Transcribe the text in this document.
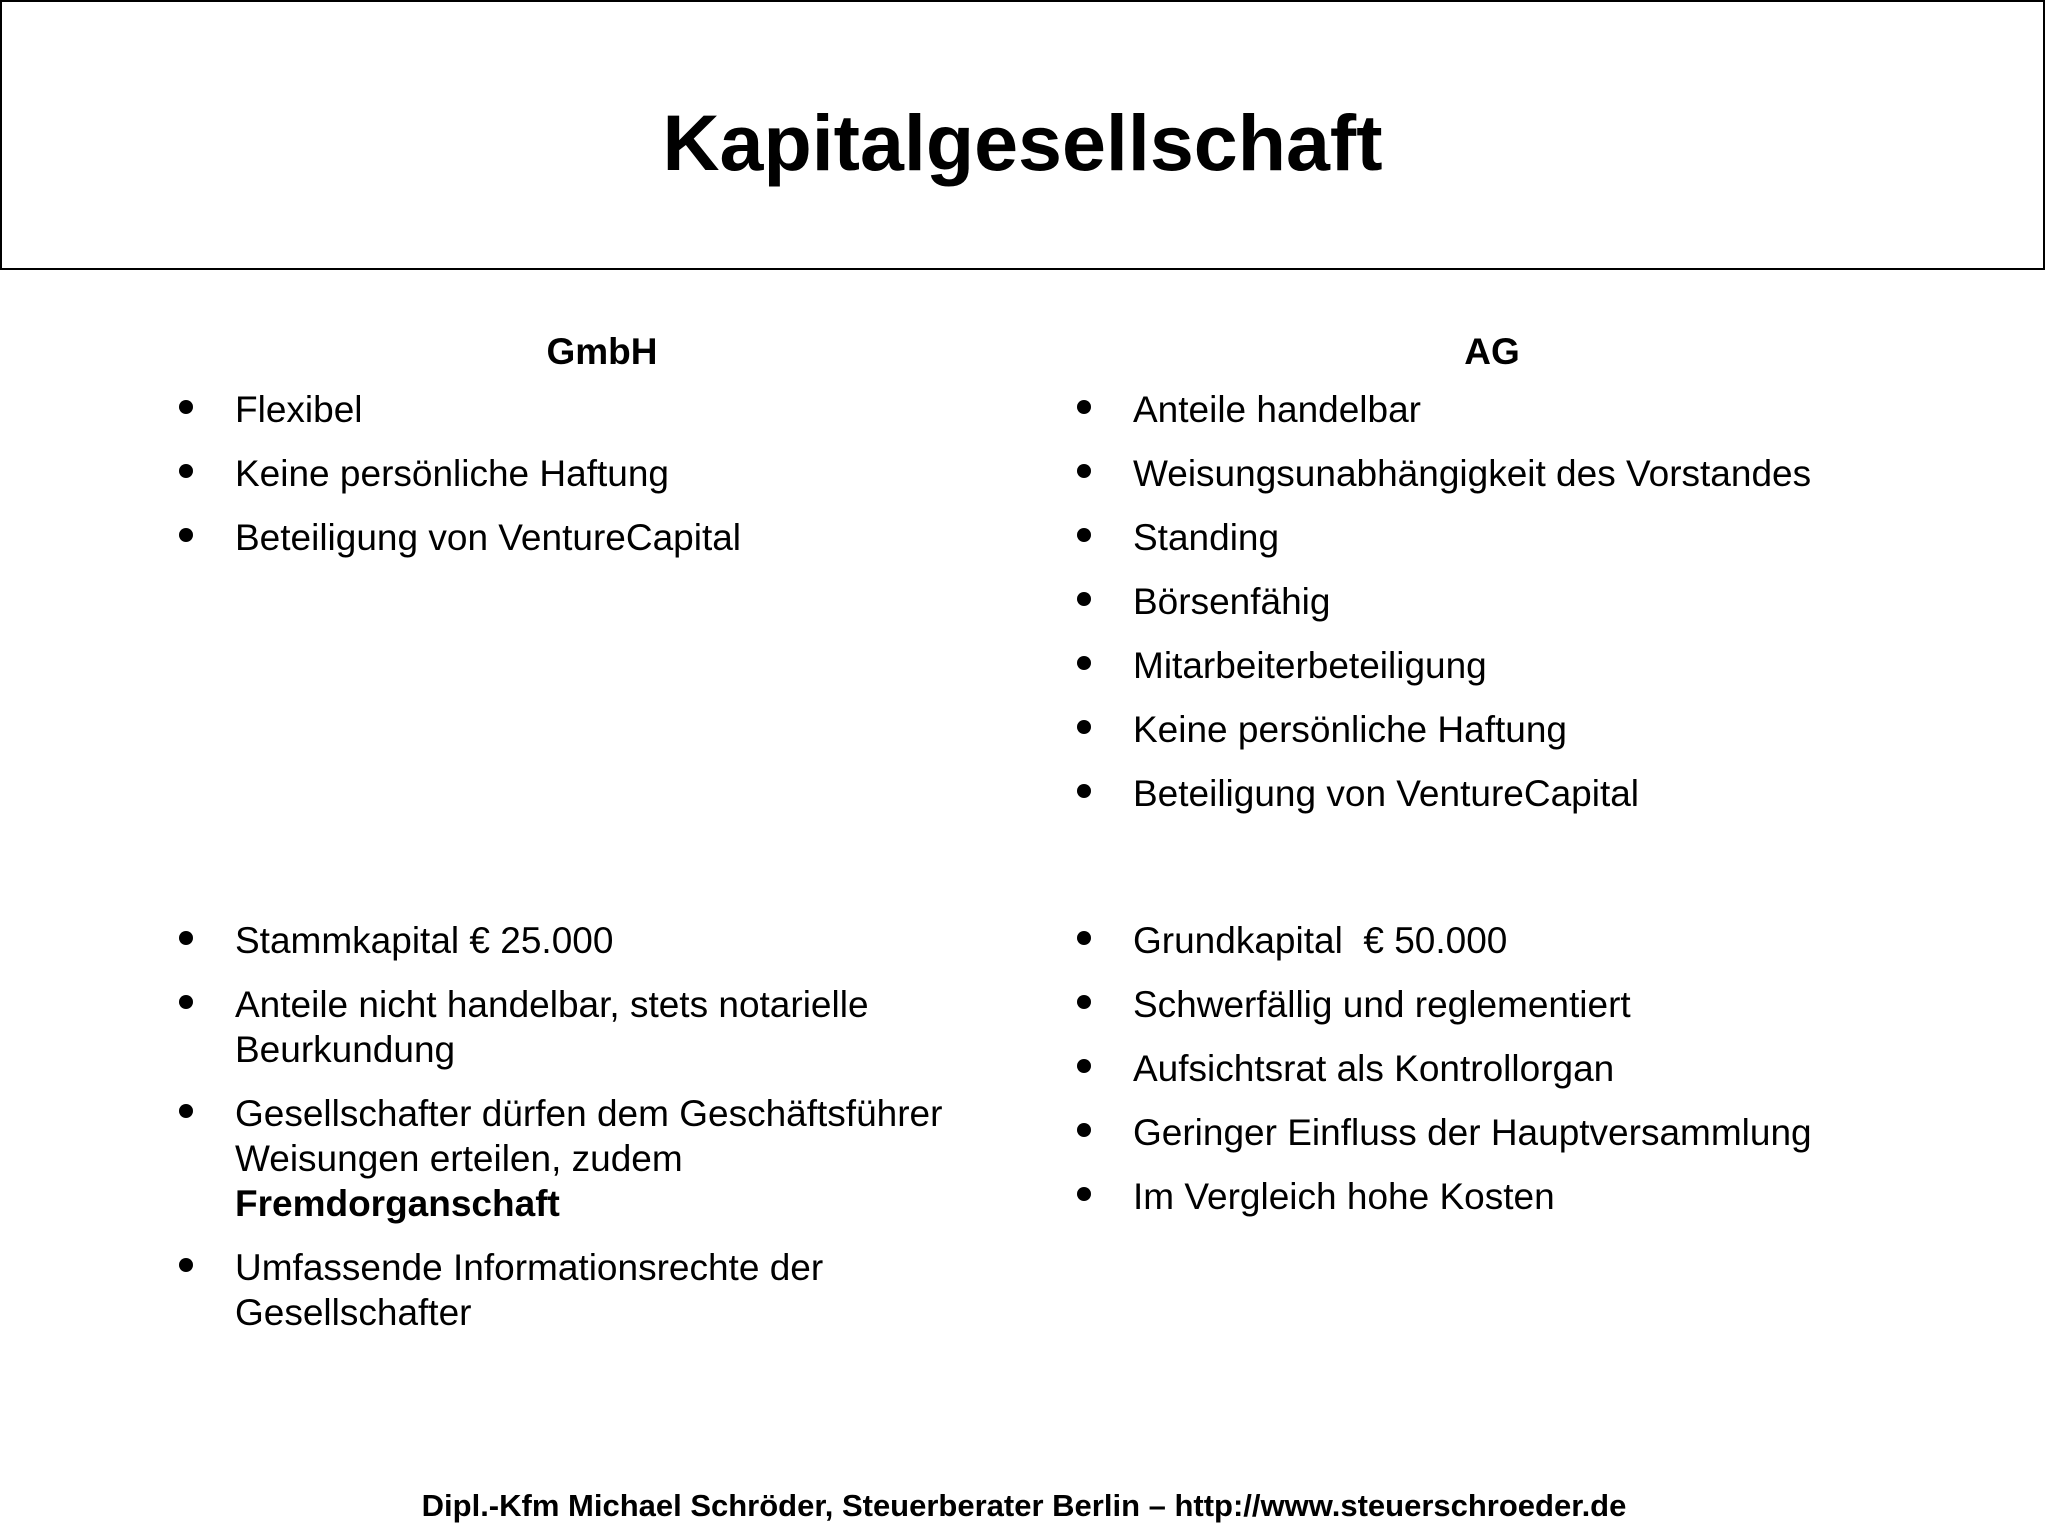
Kapitalgesellschaft
GmbH	AG
Flexibel
Keine persönliche Haftung
Beteiligung von VentureCapital
Anteile handelbar
Weisungsunabhängigkeit des Vorstandes
Standing
Börsenfähig
Mitarbeiterbeteiligung
Keine persönliche Haftung
Beteiligung von VentureCapital
Stammkapital € 25.000
Anteile nicht handelbar, stets notarielle Beurkundung
Gesellschafter dürfen dem Geschäftsführer Weisungen erteilen, zudem
Fremdorganschaft
Umfassende Informationsrechte der Gesellschafter
Grundkapital  € 50.000
Schwerfällig und reglementiert
Aufsichtsrat als Kontrollorgan
Geringer Einfluss der Hauptversammlung
Im Vergleich hohe Kosten
Dipl.-Kfm Michael Schröder, Steuerberater Berlin – http://www.steuerschroeder.de
